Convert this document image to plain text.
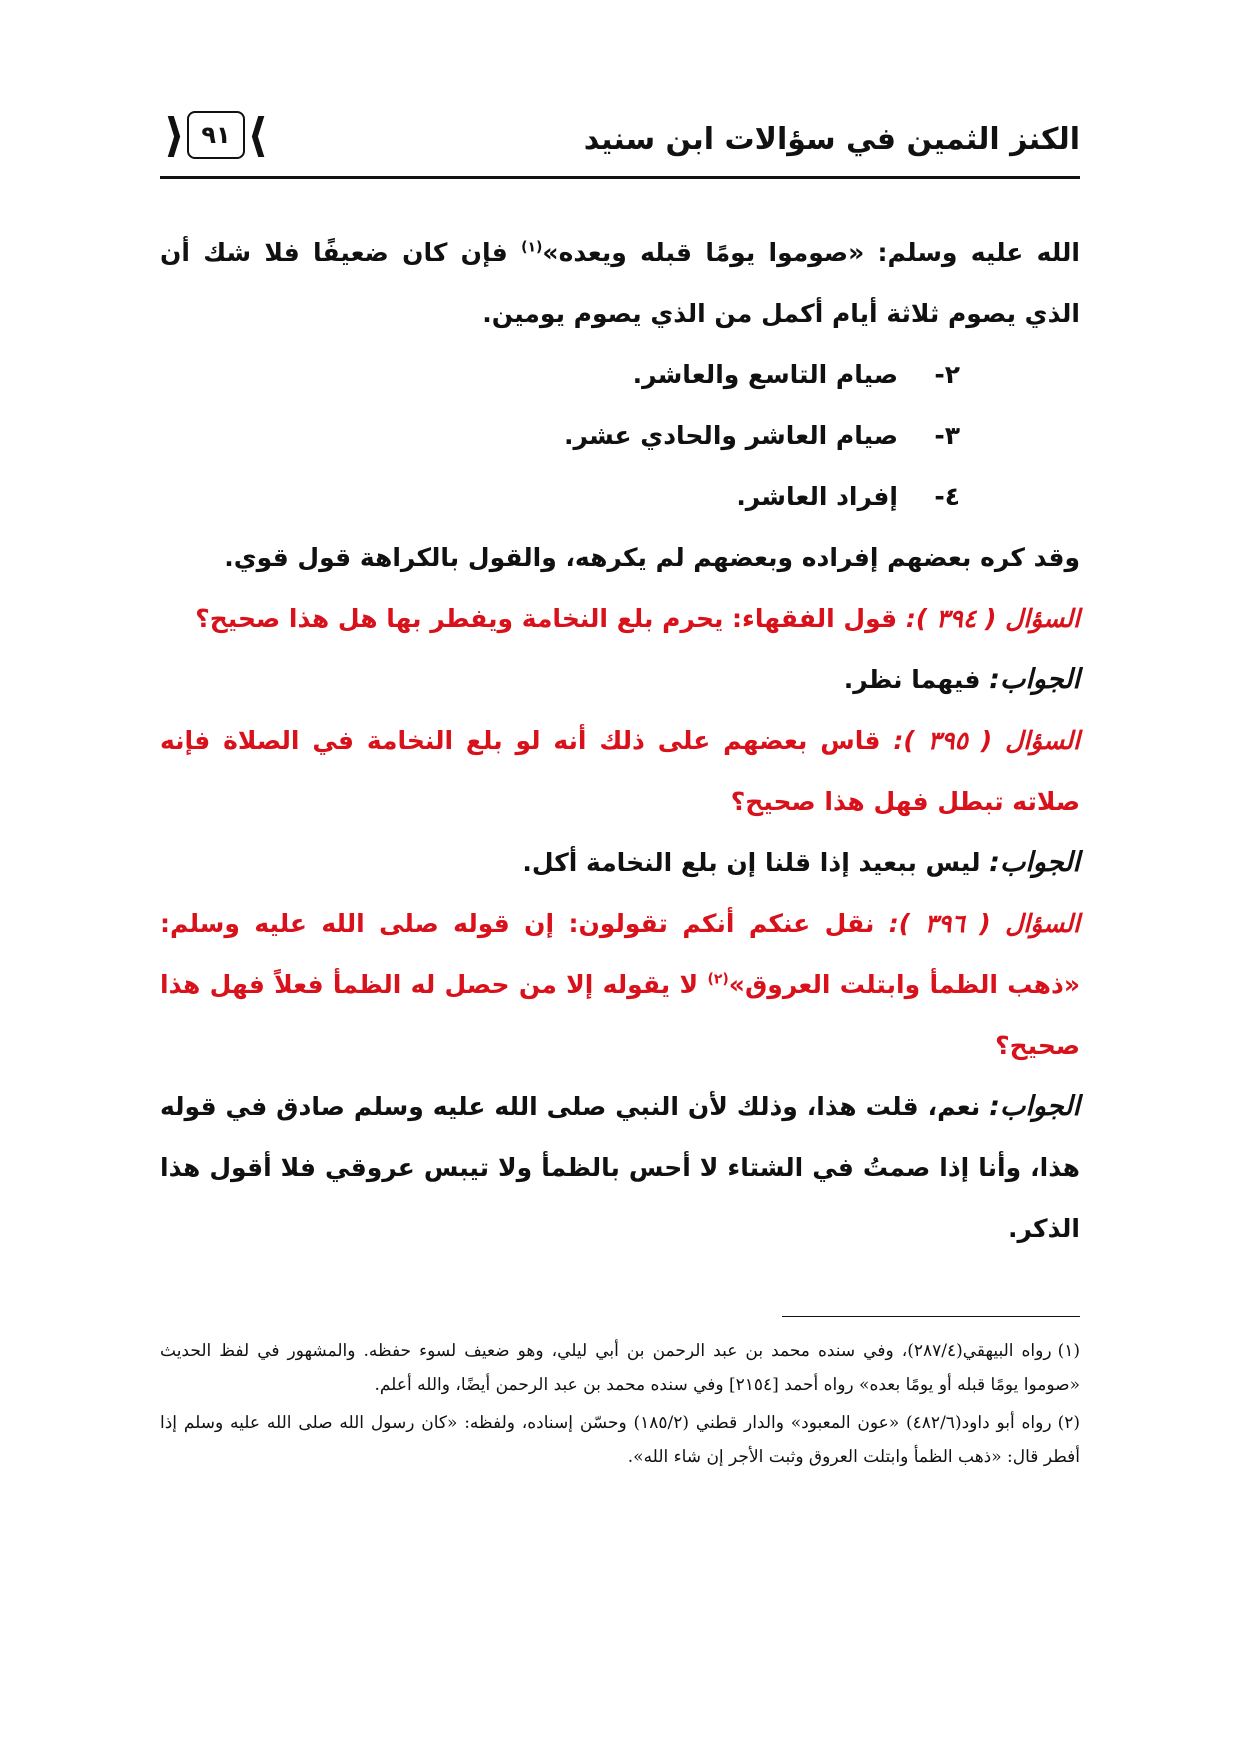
الكنز الثمين في سؤالات ابن سنيد
⟩
٩١
⟨

الله عليه وسلم: «صوموا يومًا قبله ويعده»$^{(١)}$ فإن كان ضعيفًا فلا شك أن الذي يصوم ثلاثة أيام أكمل من الذي يصوم يومين.

٢-
صيام التاسع والعاشر.

٣-
صيام العاشر والحادي عشر.

٤-
إفراد العاشر.

وقد كره بعضهم إفراده وبعضهم لم يكرهه، والقول بالكراهة قول قوي.

السؤال ( ٣٩٤ ): قول الفقهاء: يحرم بلع النخامة ويفطر بها هل هذا صحيح؟

الجواب: فيهما نظر.

السؤال ( ٣٩٥ ): قاس بعضهم على ذلك أنه لو بلع النخامة في الصلاة فإنه صلاته تبطل فهل هذا صحيح؟

الجواب: ليس ببعيد إذا قلنا إن بلع النخامة أكل.

السؤال ( ٣٩٦ ): نقل عنكم أنكم تقولون: إن قوله صلى الله عليه وسلم: «ذهب الظمأ وابتلت العروق»$^{(٢)}$ لا يقوله إلا من حصل له الظمأ فعلاً فهل هذا صحيح؟

الجواب: نعم، قلت هذا، وذلك لأن النبي صلى الله عليه وسلم صادق في قوله هذا، وأنا إذا صمتُ في الشتاء لا أحس بالظمأ ولا تيبس عروقي فلا أقول هذا الذكر.

(١)رواه البيهقي(٢٨٧/٤)، وفي سنده محمد بن عبد الرحمن بن أبي ليلي، وهو ضعيف لسوء حفظه. والمشهور في لفظ الحديث «صوموا يومًا قبله أو يومًا بعده» رواه أحمد [٢١٥٤] وفي سنده محمد بن عبد الرحمن أيضًا، والله أعلم.

(٢)رواه أبو داود(٤٨٢/٦) «عون المعبود» والدار قطني (١٨٥/٢) وحسّن إسناده، ولفظه: «كان رسول الله صلى الله عليه وسلم إذا أفطر قال: «ذهب الظمأ وابتلت العروق وثبت الأجر إن شاء الله».
